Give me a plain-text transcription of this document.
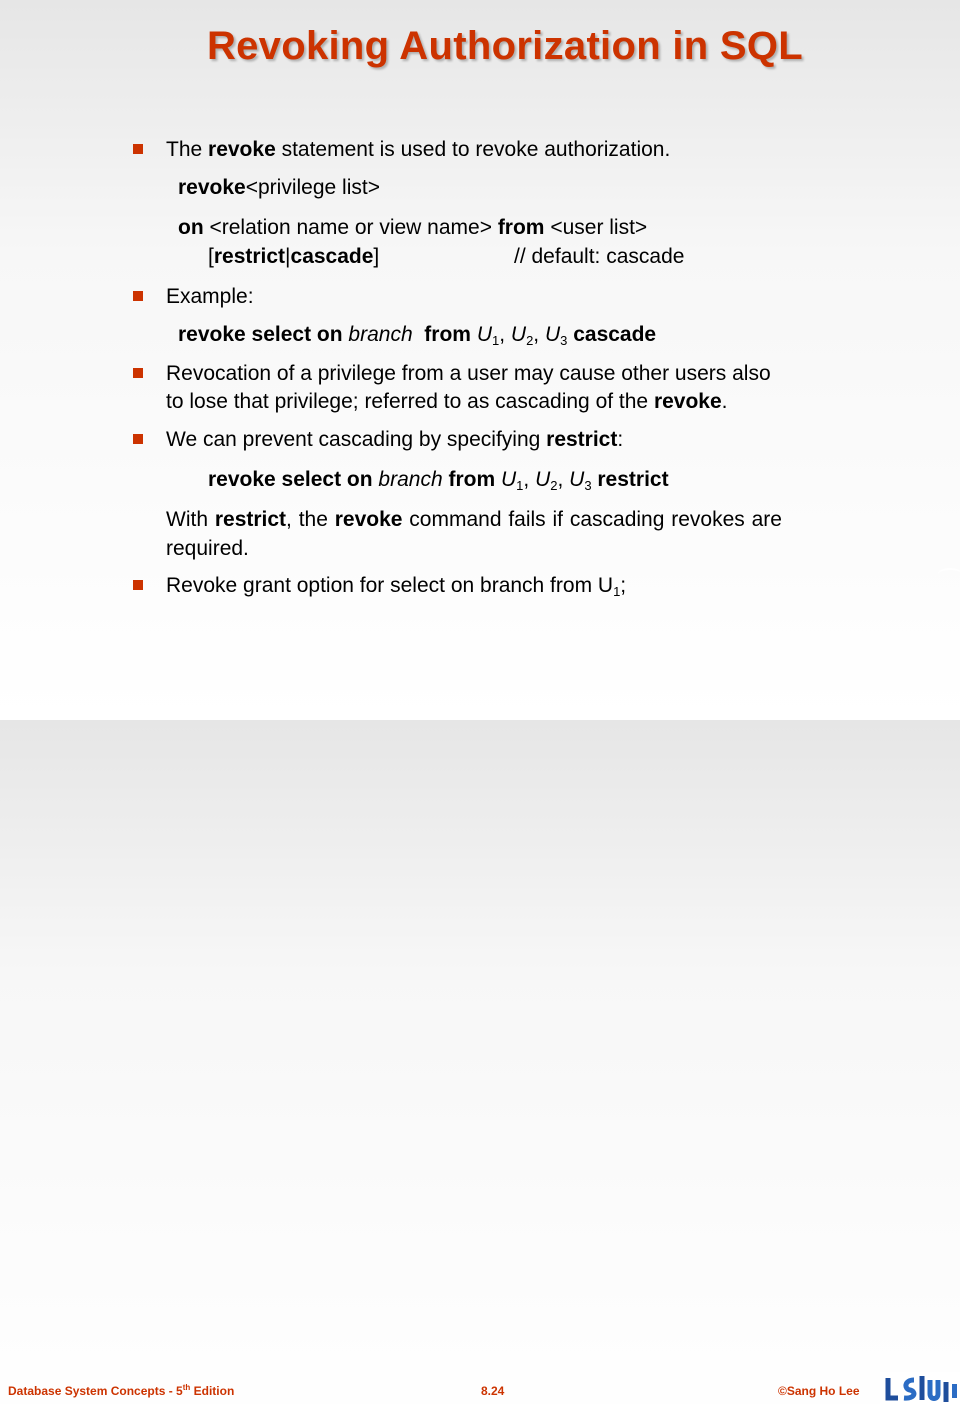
Revoking Authorization in SQL
The revoke statement is used to revoke authorization.
revoke<privilege list>
on <relation name or view name> from <user list>
[restrict|cascade]	// default: cascade
Example:
revoke select on branch  from $U_1$, $U_2$, $U_3$ cascade
Revocation of a privilege from a user may cause other users also
to lose that privilege; referred to as cascading of the revoke.
We can prevent cascading by specifying restrict:
revoke select on branch from $U_1$, $U_2$, $U_3$ restrict
With restrict, the revoke command fails if cascading revokes are
required.
Revoke grant option for select on branch from $U_1$;
Database System Concepts - 5th Edition	8.24	©Sang Ho Lee
